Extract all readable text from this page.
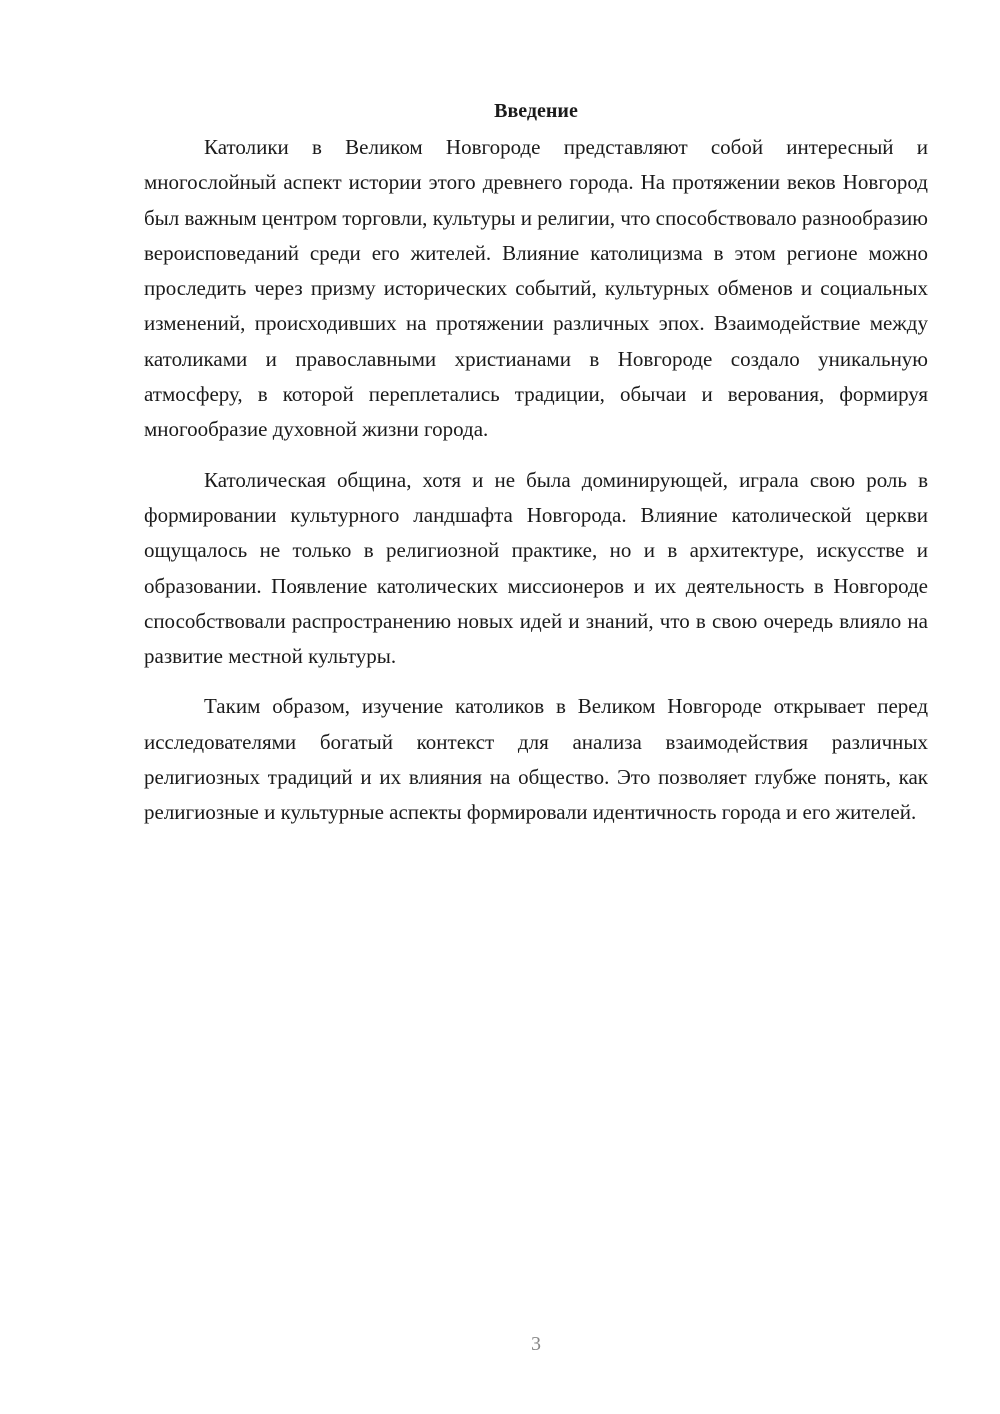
Введение

Католики в Великом Новгороде представляют собой интересный и многослойный аспект истории этого древнего города. На протяжении веков Новгород был важным центром торговли, культуры и религии, что способствовало разнообразию вероисповеданий среди его жителей. Влияние католицизма в этом регионе можно проследить через призму исторических событий, культурных обменов и социальных изменений, происходивших на протяжении различных эпох. Взаимодействие между католиками и православными христианами в Новгороде создало уникальную атмосферу, в которой переплетались традиции, обычаи и верования, формируя многообразие духовной жизни города.

Католическая община, хотя и не была доминирующей, играла свою роль в формировании культурного ландшафта Новгорода. Влияние католической церкви ощущалось не только в религиозной практике, но и в архитектуре, искусстве и образовании. Появление католических миссионеров и их деятельность в Новгороде способствовали распространению новых идей и знаний, что в свою очередь влияло на развитие местной культуры.

Таким образом, изучение католиков в Великом Новгороде открывает перед исследователями богатый контекст для анализа взаимодействия различных религиозных традиций и их влияния на общество. Это позволяет глубже понять, как религиозные и культурные аспекты формировали идентичность города и его жителей.

3
